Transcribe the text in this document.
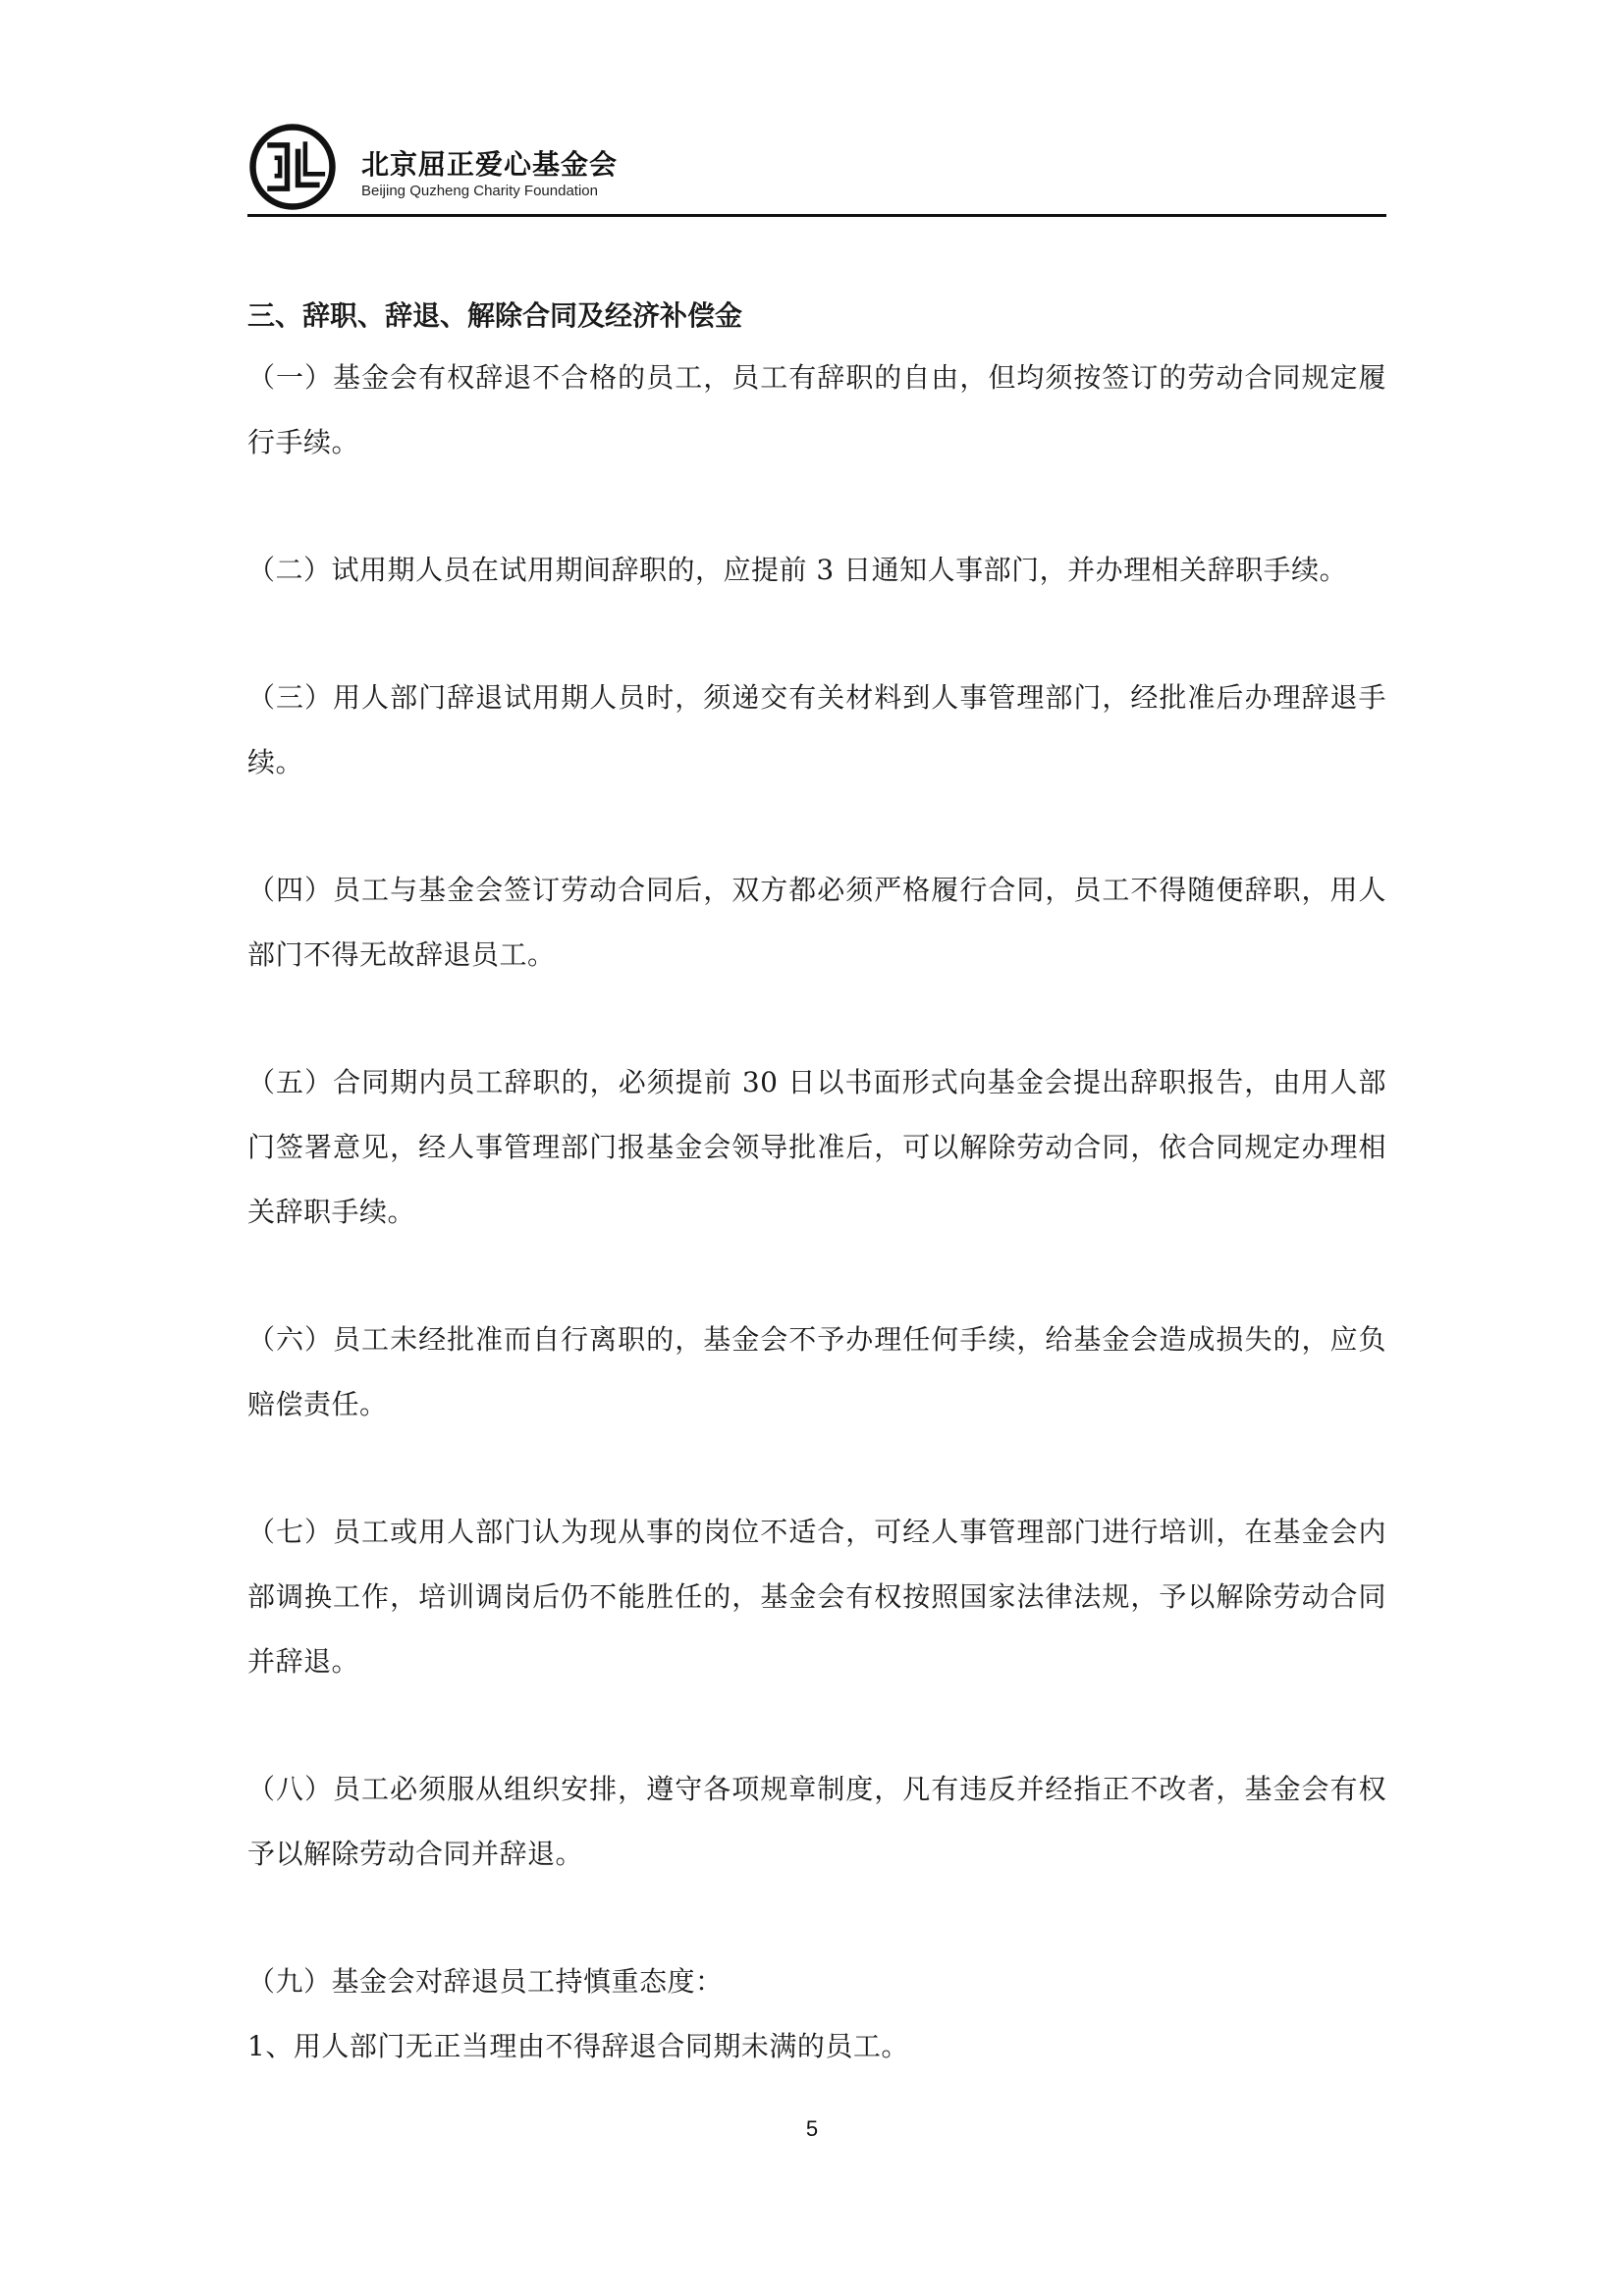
北京屈正爱心基金会
Beijing Quzheng Charity Foundation

三、辞职、辞退、解除合同及经济补偿金

（一）基金会有权辞退不合格的员工，员工有辞职的自由，但均须按签订的劳动合同规定履行手续。

（二）试用期人员在试用期间辞职的，应提前 3 日通知人事部门，并办理相关辞职手续。

（三）用人部门辞退试用期人员时，须递交有关材料到人事管理部门，经批准后办理辞退手续。

（四）员工与基金会签订劳动合同后，双方都必须严格履行合同，员工不得随便辞职，用人部门不得无故辞退员工。

（五）合同期内员工辞职的，必须提前 30 日以书面形式向基金会提出辞职报告，由用人部门签署意见，经人事管理部门报基金会领导批准后，可以解除劳动合同，依合同规定办理相关辞职手续。

（六）员工未经批准而自行离职的，基金会不予办理任何手续，给基金会造成损失的，应负赔偿责任。

（七）员工或用人部门认为现从事的岗位不适合，可经人事管理部门进行培训，在基金会内部调换工作，培训调岗后仍不能胜任的，基金会有权按照国家法律法规，予以解除劳动合同并辞退。

（八）员工必须服从组织安排，遵守各项规章制度，凡有违反并经指正不改者，基金会有权予以解除劳动合同并辞退。

（九）基金会对辞退员工持慎重态度：

1、用人部门无正当理由不得辞退合同期未满的员工。

5
